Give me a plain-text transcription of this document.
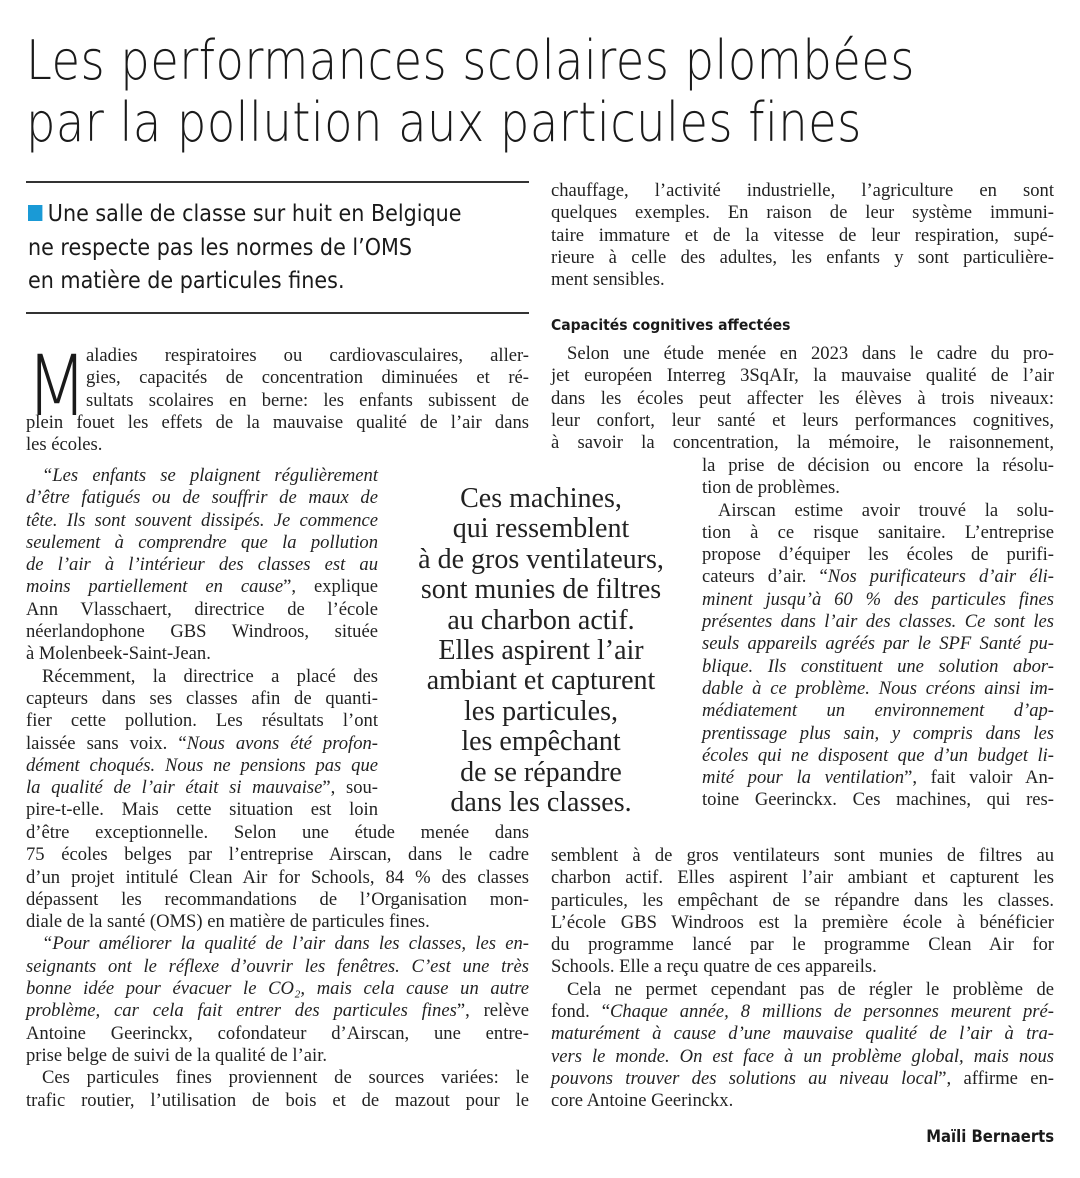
Les performances scolaires plombées
par la pollution aux particules fines
Une salle de classe sur huit en Belgique
ne respecte pas les normes de l’OMS
en matière de particules fines.
M
aladies respiratoires ou cardiovasculaires, aller-
gies, capacités de concentration diminuées et ré-
sultats scolaires en berne: les enfants subissent de
plein fouet les effets de la mauvaise qualité de l’air dans
les écoles.
“Les enfants se plaignent régulièrement
d’être fatigués ou de souffrir de maux de
tête. Ils sont souvent dissipés. Je commence
seulement à comprendre que la pollution
de l’air à l’intérieur des classes est au
moins partiellement en cause”, explique
Ann Vlasschaert, directrice de l’école
néerlandophone GBS Windroos, située
à Molenbeek-Saint-Jean.
Récemment, la directrice a placé des
capteurs dans ses classes afin de quanti-
fier cette pollution. Les résultats l’ont
laissée sans voix. “Nous avons été profon-
dément choqués. Nous ne pensions pas que
la qualité de l’air était si mauvaise”, sou-
pire-t-elle. Mais cette situation est loin
d’être exceptionnelle. Selon une étude menée dans
75 écoles belges par l’entreprise Airscan, dans le cadre
d’un projet intitulé Clean Air for Schools, 84 % des classes
dépassent les recommandations de l’Organisation mon-
diale de la santé (OMS) en matière de particules fines.
“Pour améliorer la qualité de l’air dans les classes, les en-
seignants ont le réflexe d’ouvrir les fenêtres. C’est une très
bonne idée pour évacuer le CO₂, mais cela cause un autre
problème, car cela fait entrer des particules fines”, relève
Antoine Geerinckx, cofondateur d’Airscan, une entre-
prise belge de suivi de la qualité de l’air.
Ces particules fines proviennent de sources variées: le
trafic routier, l’utilisation de bois et de mazout pour le
chauffage, l’activité industrielle, l’agriculture en sont
quelques exemples. En raison de leur système immuni-
taire immature et de la vitesse de leur respiration, supé-
rieure à celle des adultes, les enfants y sont particulière-
ment sensibles.
Capacités cognitives affectées
Selon une étude menée en 2023 dans le cadre du pro-
jet européen Interreg 3SqAIr, la mauvaise qualité de l’air
dans les écoles peut affecter les élèves à trois niveaux:
leur confort, leur santé et leurs performances cognitives,
à savoir la concentration, la mémoire, le raisonnement,
la prise de décision ou encore la résolu-
tion de problèmes.
Airscan estime avoir trouvé la solu-
tion à ce risque sanitaire. L’entreprise
propose d’équiper les écoles de purifi-
cateurs d’air. “Nos purificateurs d’air éli-
minent jusqu’à 60 % des particules fines
présentes dans l’air des classes. Ce sont les
seuls appareils agréés par le SPF Santé pu-
blique. Ils constituent une solution abor-
dable à ce problème. Nous créons ainsi im-
médiatement un environnement d’ap-
prentissage plus sain, y compris dans les
écoles qui ne disposent que d’un budget li-
mité pour la ventilation”, fait valoir An-
toine Geerinckx. Ces machines, qui res-
semblent à de gros ventilateurs sont munies de filtres au
charbon actif. Elles aspirent l’air ambiant et capturent les
particules, les empêchant de se répandre dans les classes.
L’école GBS Windroos est la première école à bénéficier
du programme lancé par le programme Clean Air for
Schools. Elle a reçu quatre de ces appareils.
Cela ne permet cependant pas de régler le problème de
fond. “Chaque année, 8 millions de personnes meurent pré-
maturément à cause d’une mauvaise qualité de l’air à tra-
vers le monde. On est face à un problème global, mais nous
pouvons trouver des solutions au niveau local”, affirme en-
core Antoine Geerinckx.
Ces machines,
qui ressemblent
à de gros ventilateurs,
sont munies de filtres
au charbon actif.
Elles aspirent l’air
ambiant et capturent
les particules,
les empêchant
de se répandre
dans les classes.
Maïli Bernaerts
